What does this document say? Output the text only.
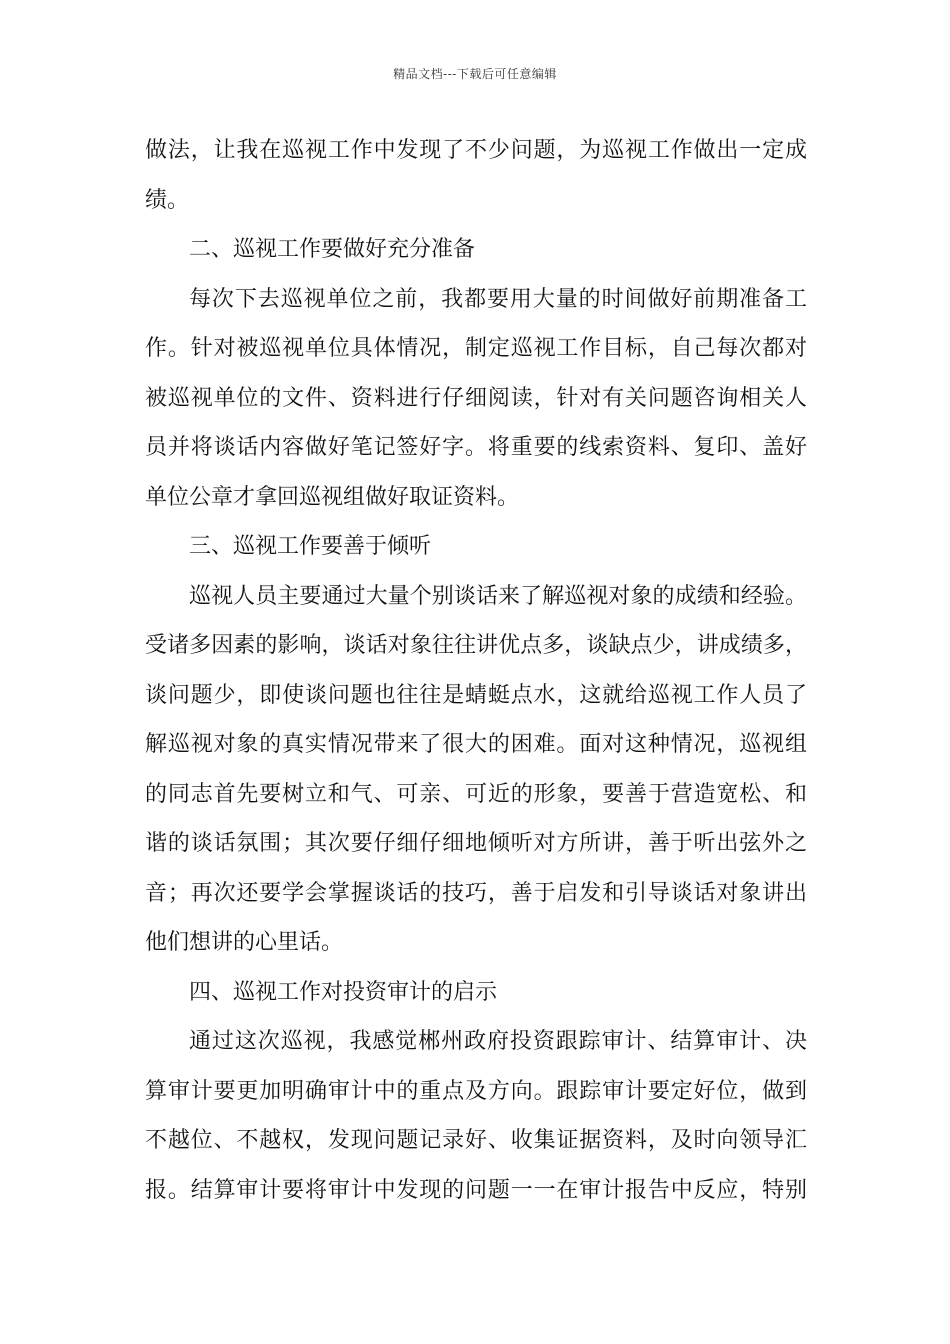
精品文档---下载后可任意编辑
做法，让我在巡视工作中发现了不少问题，为巡视工作做出一定成
绩。
二、巡视工作要做好充分准备
每次下去巡视单位之前，我都要用大量的时间做好前期准备工
作。针对被巡视单位具体情况，制定巡视工作目标，自己每次都对
被巡视单位的文件、资料进行仔细阅读，针对有关问题咨询相关人
员并将谈话内容做好笔记签好字。将重要的线索资料、复印、盖好
单位公章才拿回巡视组做好取证资料。
三、巡视工作要善于倾听
巡视人员主要通过大量个别谈话来了解巡视对象的成绩和经验。
受诸多因素的影响，谈话对象往往讲优点多，谈缺点少，讲成绩多，
谈问题少，即使谈问题也往往是蜻蜓点水，这就给巡视工作人员了
解巡视对象的真实情况带来了很大的困难。面对这种情况，巡视组
的同志首先要树立和气、可亲、可近的形象，要善于营造宽松、和
谐的谈话氛围；其次要仔细仔细地倾听对方所讲，善于听出弦外之
音；再次还要学会掌握谈话的技巧，善于启发和引导谈话对象讲出
他们想讲的心里话。
四、巡视工作对投资审计的启示
通过这次巡视，我感觉郴州政府投资跟踪审计、结算审计、决
算审计要更加明确审计中的重点及方向。跟踪审计要定好位，做到
不越位、不越权，发现问题记录好、收集证据资料，及时向领导汇
报。结算审计要将审计中发现的问题一一在审计报告中反应，特别
